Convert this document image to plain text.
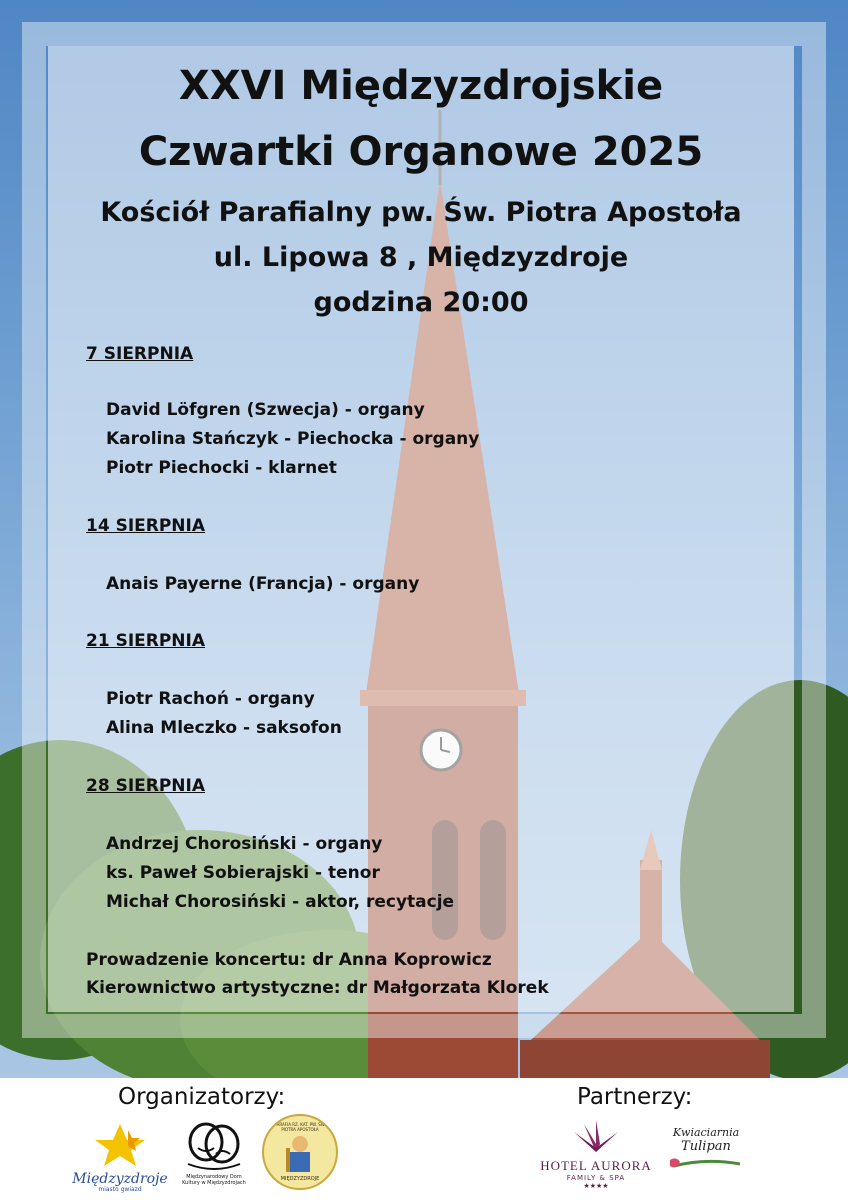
XXVI Międzyzdrojskie
Czwartki Organowe 2025
Kościół Parafialny pw. Św. Piotra Apostoła
ul. Lipowa 8 , Międzyzdroje
godzina 20:00
7 SIERPNIA
David Löfgren (Szwecja) - organy
Karolina Stańczyk - Piechocka - organy
Piotr Piechocki - klarnet
14 SIERPNIA
Anais Payerne (Francja) - organy
21 SIERPNIA
Piotr Rachoń - organy
Alina Mleczko - saksofon
28 SIERPNIA
Andrzej Chorosiński - organy
ks. Paweł Sobierajski - tenor
Michał Chorosiński - aktor, recytacje
Prowadzenie koncertu: dr Anna Koprowicz
Kierownictwo artystyczne: dr Małgorzata Klorek
Organizatorzy:	Partnerzy:
Międzyzdroje
miasto gwiazd
Międzynarodowy Dom Kultury w Międzyzdrojach
PARAFIA RZ. KAT. PW. ŚW. PIOTRA APOSTOŁA
MIĘDZYZDROJE
HOTEL AURORA
FAMILY & SPA
★★★★
Kwiaciarnia
Tulipan
